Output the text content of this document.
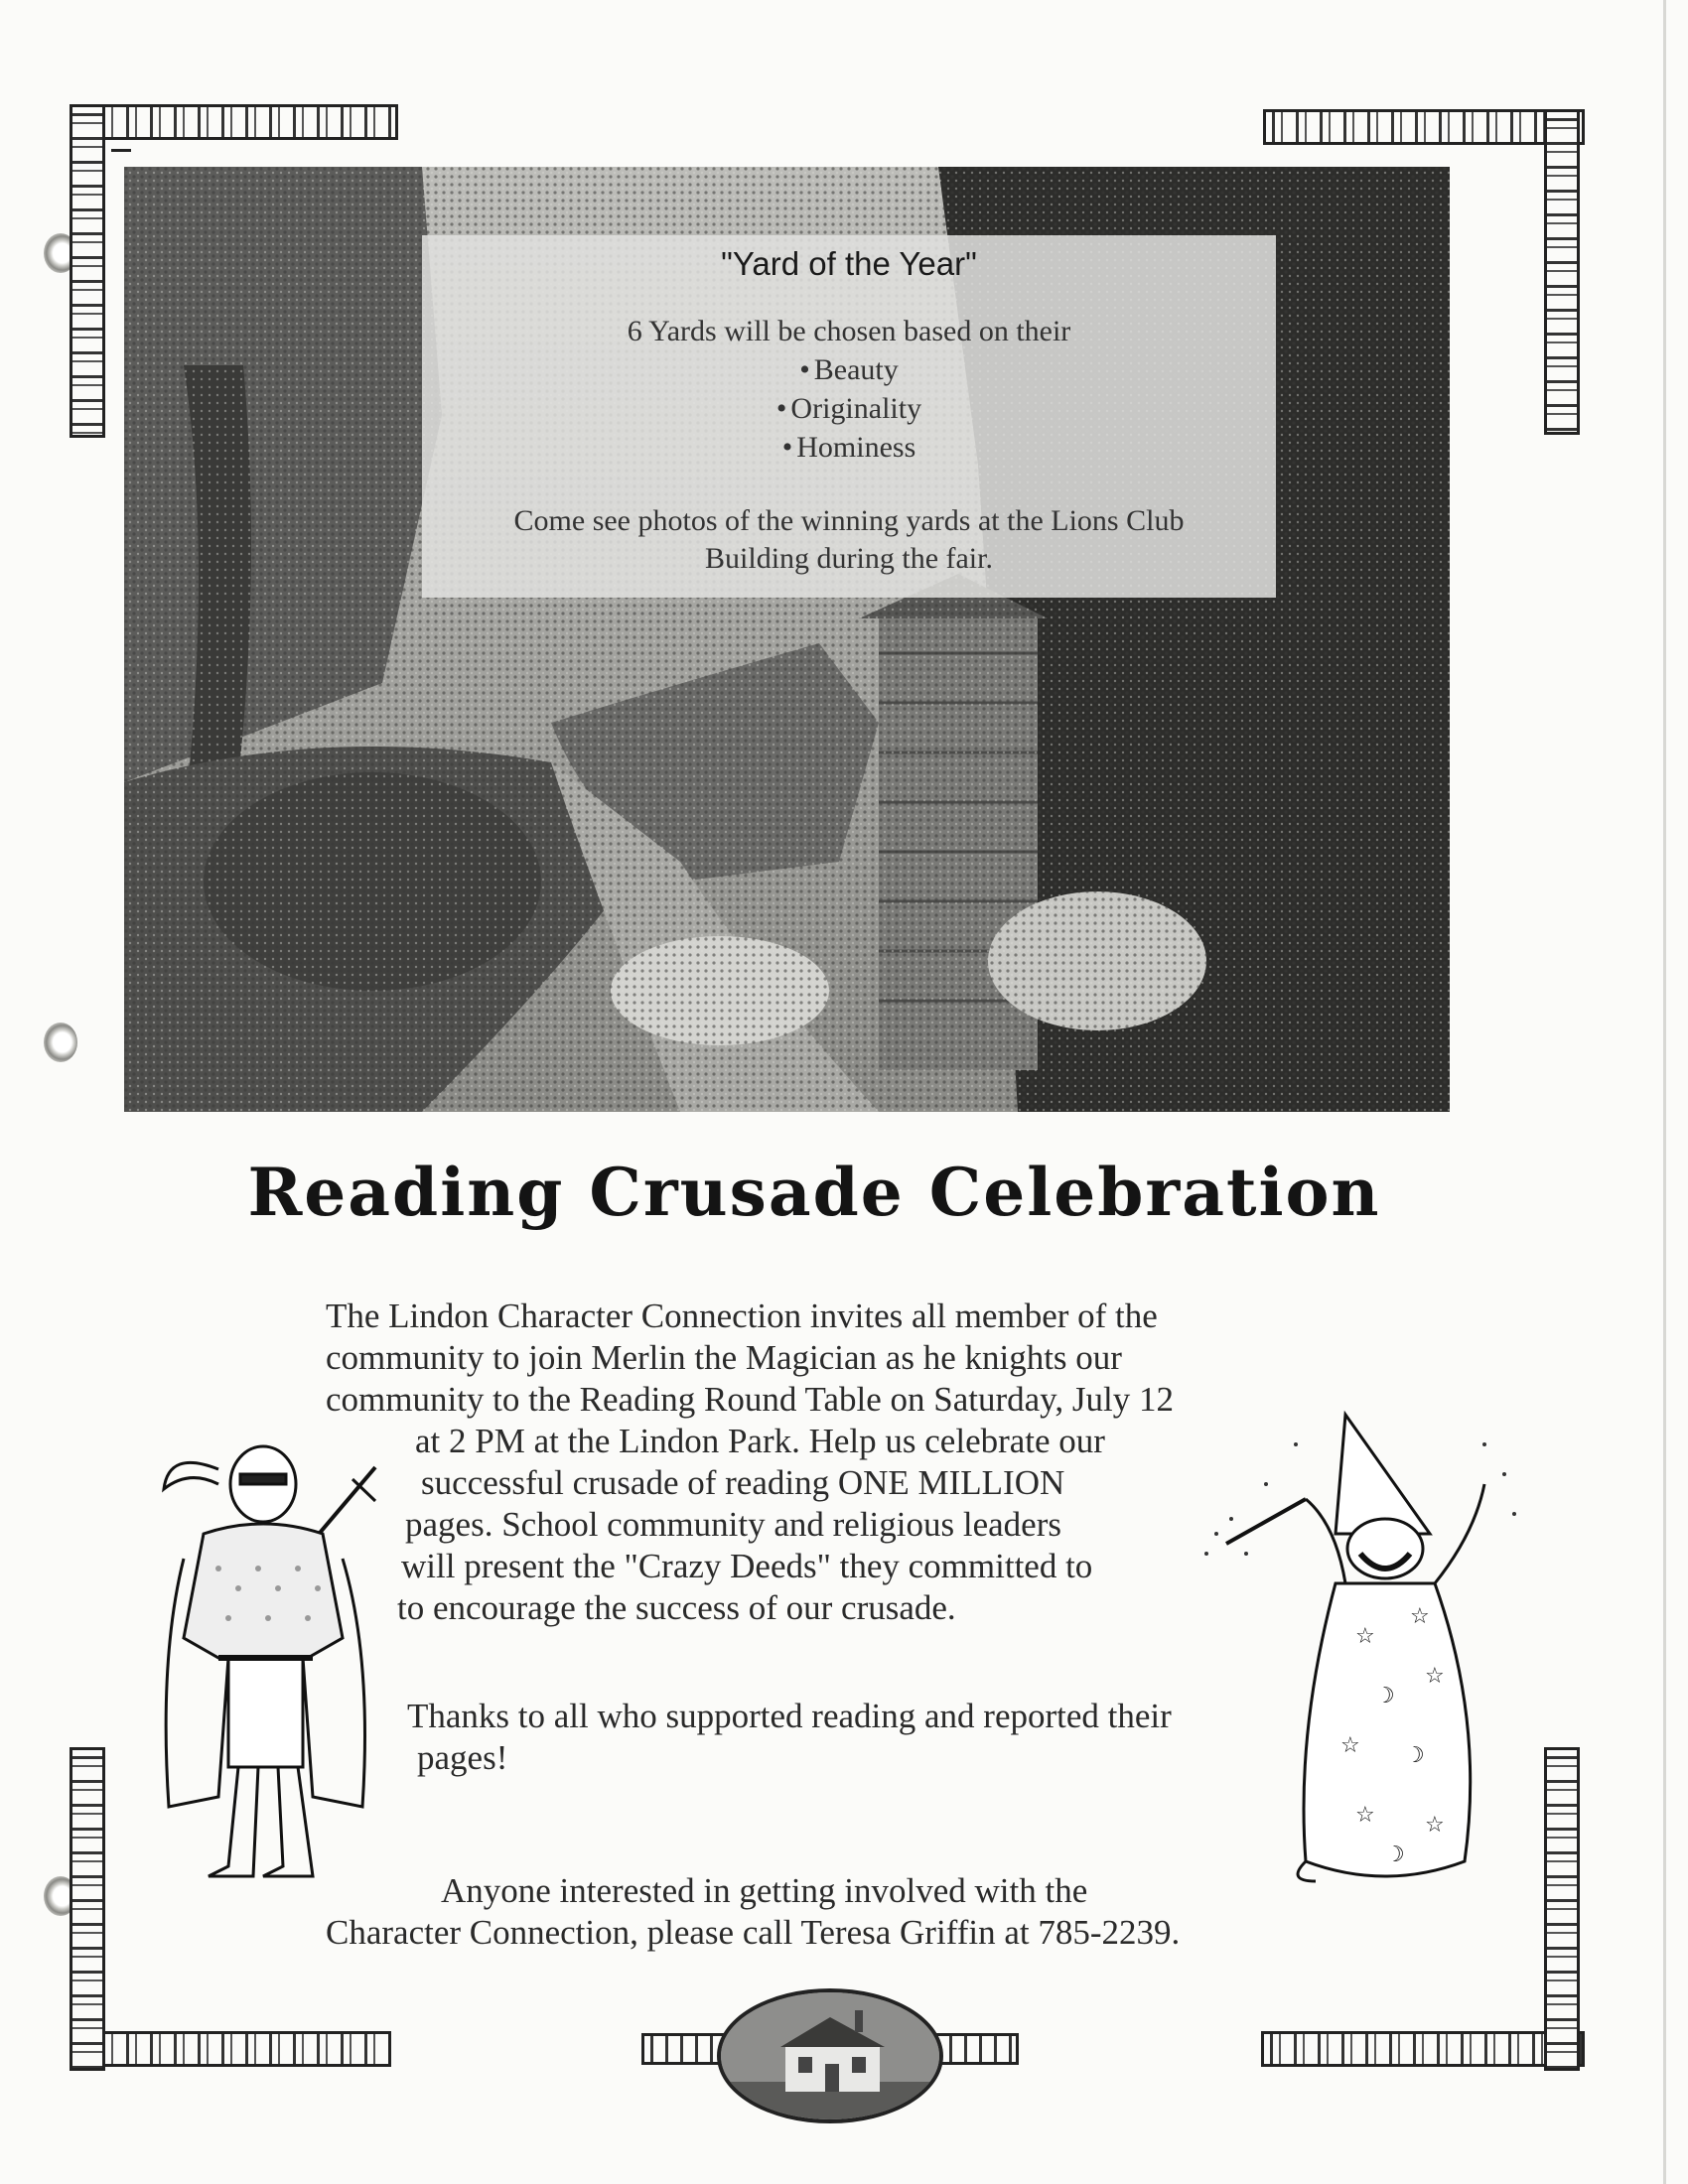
"Yard of the Year"
6 Yards will be chosen based on their
• Beauty
• Originality
• Hominess
Come see photos of the winning yards at the Lions Club
Building during the fair.
Reading Crusade Celebration
The Lindon Character Connection invites all member of the
community to join Merlin the Magician as he knights our
community to the Reading Round Table on Saturday, July 12
at 2 PM at the Lindon Park. Help us celebrate our
successful crusade of reading ONE MILLION
pages. School community and religious leaders
will present the "Crazy Deeds" they committed to
to encourage the success of our crusade.
Thanks to all who supported reading and reported their
pages!
Anyone interested in getting involved with the
Character Connection, please call Teresa Griffin at 785-2239.
☆
☆
☽
☆
☆ ☽
☆ ☆
☽
